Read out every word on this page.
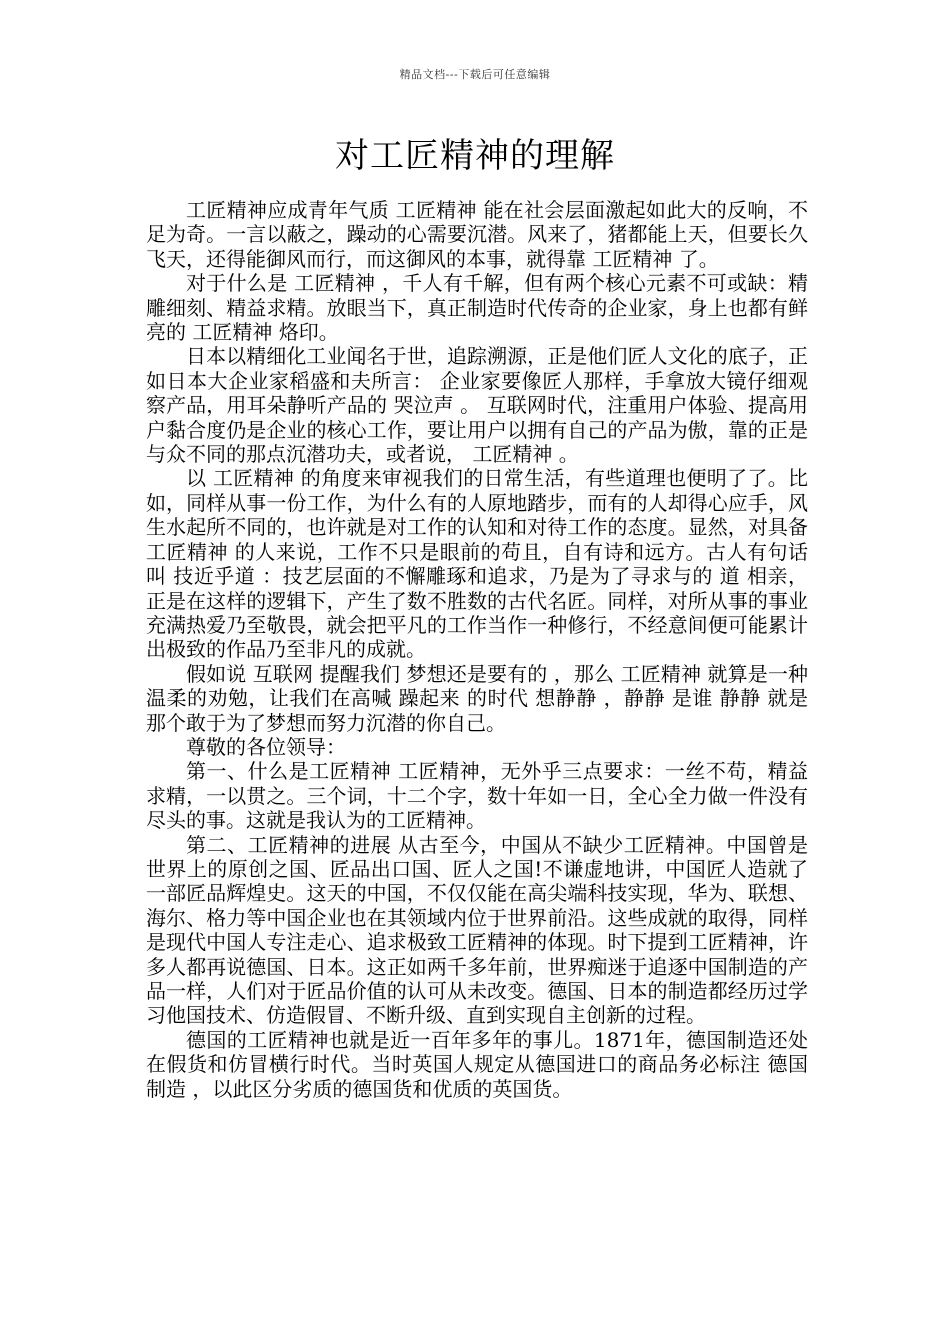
精品文档---下载后可任意编辑
对工匠精神的理解

工匠精神应成青年气质 工匠精神 能在社会层面激起如此大的反响，不足为奇。一言以蔽之，躁动的心需要沉潜。风来了，猪都能上天，但要长久飞天，还得能御风而行，而这御风的本事，就得靠 工匠精神 了。

对于什么是 工匠精神 ，千人有千解，但有两个核心元素不可或缺：精雕细刻、精益求精。放眼当下，真正制造时代传奇的企业家，身上也都有鲜亮的 工匠精神 烙印。

日本以精细化工业闻名于世，追踪溯源，正是他们匠人文化的底子，正如日本大企业家稻盛和夫所言： 企业家要像匠人那样，手拿放大镜仔细观察产品，用耳朵静听产品的 哭泣声 。 互联网时代，注重用户体验、提高用户黏合度仍是企业的核心工作，要让用户以拥有自己的产品为傲，靠的正是与众不同的那点沉潜功夫，或者说， 工匠精神 。

以 工匠精神 的角度来审视我们的日常生活，有些道理也便明了了。比如，同样从事一份工作，为什么有的人原地踏步，而有的人却得心应手，风生水起所不同的，也许就是对工作的认知和对待工作的态度。显然，对具备 工匠精神 的人来说，工作不只是眼前的苟且，自有诗和远方。古人有句话叫 技近乎道 ：技艺层面的不懈雕琢和追求，乃是为了寻求与的 道 相亲，正是在这样的逻辑下，产生了数不胜数的古代名匠。同样，对所从事的事业充满热爱乃至敬畏，就会把平凡的工作当作一种修行，不经意间便可能累计出极致的作品乃至非凡的成就。

假如说 互联网 提醒我们 梦想还是要有的 ，那么 工匠精神 就算是一种温柔的劝勉，让我们在高喊 躁起来 的时代 想静静 ，静静 是谁 静静 就是那个敢于为了梦想而努力沉潜的你自己。

尊敬的各位领导：

第一、什么是工匠精神 工匠精神，无外乎三点要求：一丝不苟，精益求精，一以贯之。三个词，十二个字，数十年如一日，全心全力做一件没有尽头的事。这就是我认为的工匠精神。

第二、工匠精神的进展 从古至今，中国从不缺少工匠精神。中国曾是世界上的原创之国、匠品出口国、匠人之国!不谦虚地讲，中国匠人造就了一部匠品辉煌史。这天的中国，不仅仅能在高尖端科技实现，华为、联想、海尔、格力等中国企业也在其领域内位于世界前沿。这些成就的取得，同样是现代中国人专注走心、追求极致工匠精神的体现。时下提到工匠精神，许多人都再说德国、日本。这正如两千多年前，世界痴迷于追逐中国制造的产品一样，人们对于匠品价值的认可从未改变。德国、日本的制造都经历过学习他国技术、仿造假冒、不断升级、直到实现自主创新的过程。

德国的工匠精神也就是近一百年多年的事儿。1871年，德国制造还处在假货和仿冒横行时代。当时英国人规定从德国进口的商品务必标注 德国制造 ，以此区分劣质的德国货和优质的英国货。
